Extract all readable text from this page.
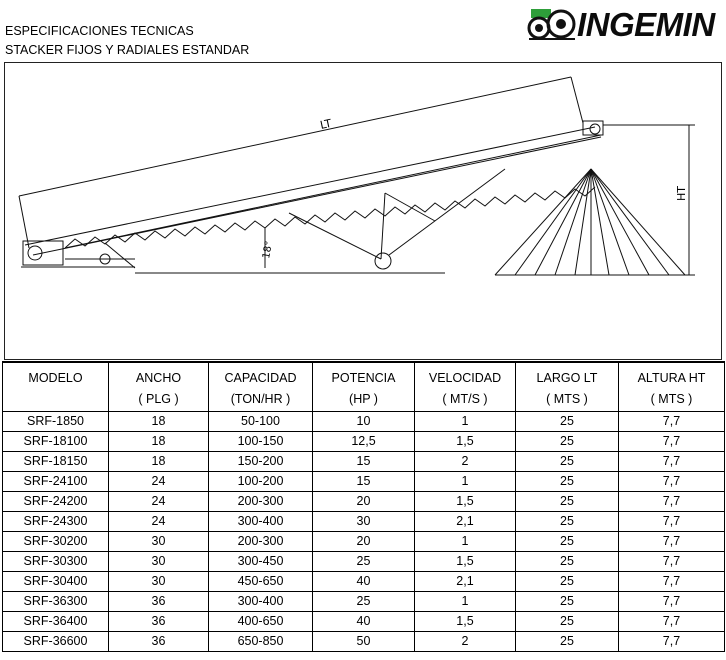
ESPECIFICACIONES TECNICAS
STACKER FIJOS Y RADIALES ESTANDAR
INGEMIN
LT
HT
18°
MODELO	ANCHO	CAPACIDAD	POTENCIA	VELOCIDAD	LARGO LT	ALTURA HT
	( PLG )	(TON/HR )	(HP )	( MT/S )	( MTS )	( MTS )
SRF-1850	18	50-100	10	1	25	7,7
SRF-18100	18	100-150	12,5	1,5	25	7,7
SRF-18150	18	150-200	15	2	25	7,7
SRF-24100	24	100-200	15	1	25	7,7
SRF-24200	24	200-300	20	1,5	25	7,7
SRF-24300	24	300-400	30	2,1	25	7,7
SRF-30200	30	200-300	20	1	25	7,7
SRF-30300	30	300-450	25	1,5	25	7,7
SRF-30400	30	450-650	40	2,1	25	7,7
SRF-36300	36	300-400	25	1	25	7,7
SRF-36400	36	400-650	40	1,5	25	7,7
SRF-36600	36	650-850	50	2	25	7,7
